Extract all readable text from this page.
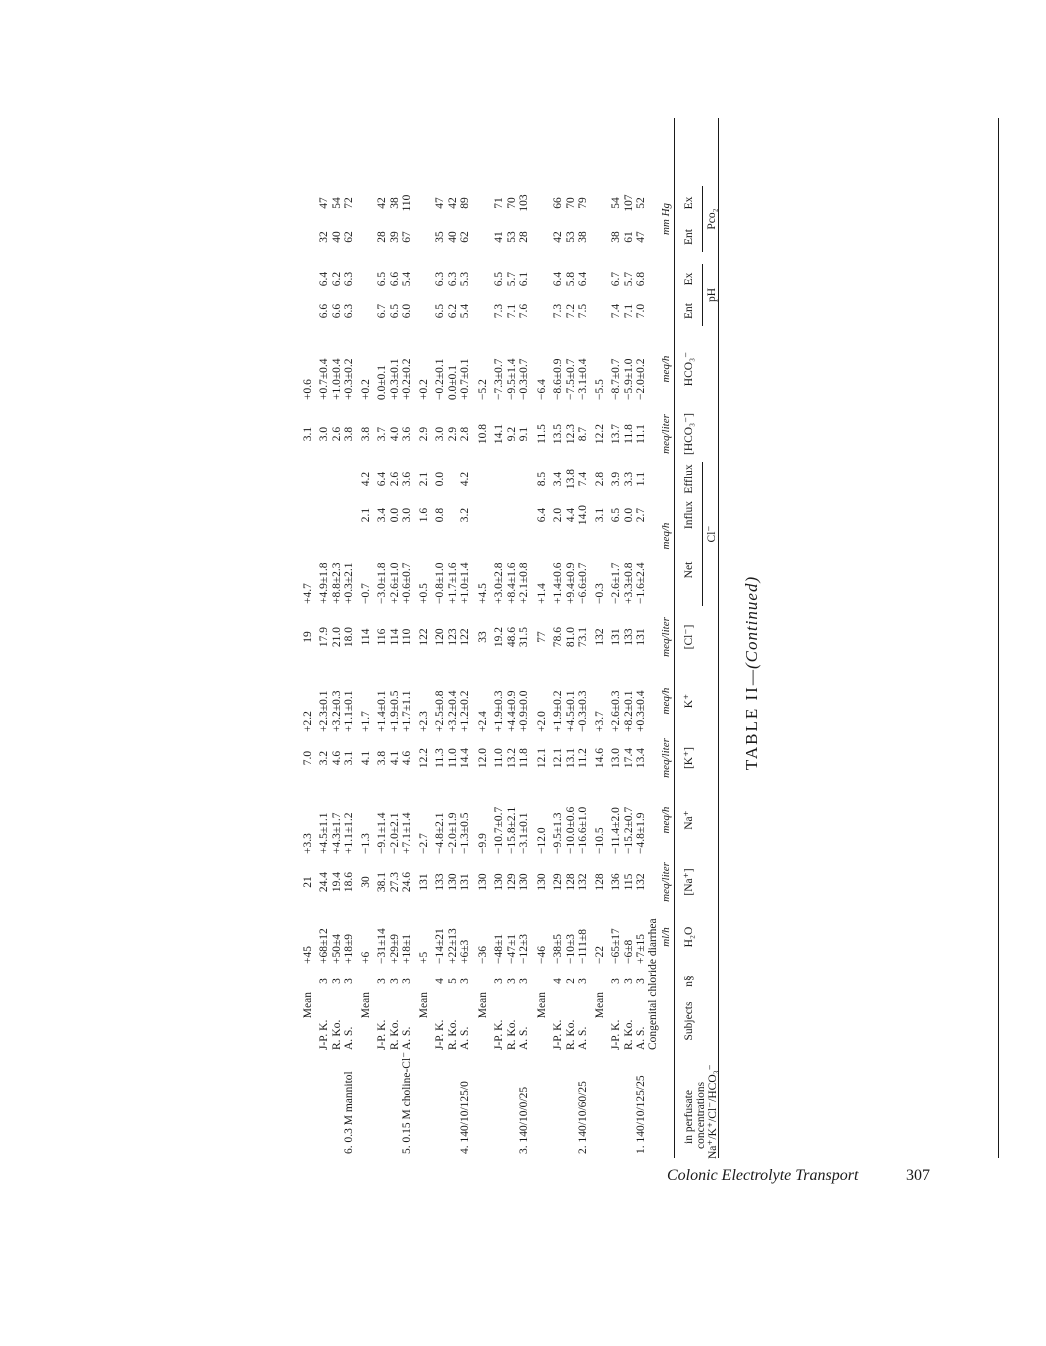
TABLE II—(Continued)
Na⁺/K⁺/Cl⁻/HCO₃⁻
concentrations
in perfusate
Subjects
n§
H₂O
[Na⁺]
Na⁺
[K⁺]
K⁺
[Cl⁻]
Cl⁻
Net
Influx
Efflux
[HCO₃⁻]
HCO₃⁻
pH
Ent
Ex
Pco₂
Ent
Ex
ml/h
meq/liter
meq/h
meq/liter
meq/h
meq/liter
meq/h
meq/liter
meq/h
mm Hg
Congenital chloride diarrhea
1. 140/10/125/25
A. S.
3
+7±15
132
−4.8±1.9
13.4
+0.3±0.4
131
−1.6±2.4
2.7
1.1
11.1
−2.0±0.2
7.0
6.8
47
52
R. Ko.
3
−6±8
115
−15.2±0.7
17.4
+8.2±0.1
133
+3.3±0.8
0.0
3.3
11.8
−5.9±1.0
7.1
5.7
61
107
J-P. K.
3
−65±17
136
−11.4±2.0
13.0
+2.6±0.3
131
−2.6±1.7
6.5
3.9
13.7
−8.7±0.7
7.4
6.7
38
54
Mean
−22
128
−10.5
14.6
+3.7
132
−0.3
3.1
2.8
12.2
−5.5
2. 140/10/60/25
A. S.
3
−111±8
132
−16.6±1.0
11.2
−0.3±0.3
73.1
−6.6±0.7
14.0
7.4
8.7
−3.1±0.4
7.5
6.4
38
79
R. Ko.
2
−10±3
128
−10.0±0.6
13.1
+4.5±0.1
81.0
+9.4±0.9
4.4
13.8
12.3
−7.5±0.7
7.2
5.8
53
70
J-P. K.
4
−38±5
129
−9.5±1.3
12.1
+1.9±0.2
78.6
+1.4±0.6
2.0
3.4
13.5
−8.6±0.9
7.3
6.4
42
66
Mean
−46
130
−12.0
12.1
+2.0
77
+1.4
6.4
8.5
11.5
−6.4
3. 140/10/0/25
A. S.
3
−12±3
130
−3.1±0.1
11.8
+0.9±0.0
31.5
+2.1±0.8
9.1
−0.3±0.7
7.6
6.1
28
103
R. Ko.
3
−47±1
129
−15.8±2.1
13.2
+4.4±0.9
48.6
+8.4±1.6
9.2
−9.5±1.4
7.1
5.7
53
70
J-P. K.
3
−48±1
130
−10.7±0.7
11.0
+1.9±0.3
19.2
+3.0±2.8
14.1
−7.3±0.7
7.3
6.5
41
71
Mean
−36
130
−9.9
12.0
+2.4
33
+4.5
10.8
−5.2
4. 140/10/125/0
A. S.
3
+6±3
131
−1.3±0.5
14.4
+1.2±0.2
122
+1.0±1.4
3.2
4.2
2.8
+0.7±0.1
5.4
5.3
62
89
R. Ko.
5
+22±13
130
−2.0±1.9
11.0
+3.2±0.4
123
+1.7±1.6
2.9
0.0±0.1
6.2
6.3
40
42
J-P. K.
4
−14±21
133
−4.8±2.1
11.3
+2.5±0.8
120
−0.8±1.0
0.8
0.0
3.0
−0.2±0.1
6.5
6.3
35
47
Mean
+5
131
−2.7
12.2
+2.3
122
+0.5
1.6
2.1
2.9
+0.2
5. 0.15 M choline-Cl⁻
A. S.
3
+18±1
24.6
+7.1±1.4
4.6
+1.7±1.1
110
+0.6±0.7
3.0
3.6
3.6
+0.2±0.2
6.0
5.4
67
110
R. Ko.
3
+29±9
27.3
−2.0±2.1
4.1
+1.9±0.5
114
+2.6±1.0
0.0
2.6
4.0
+0.3±0.1
6.5
6.6
39
38
J-P. K.
3
−31±14
38.1
−9.1±1.4
3.8
+1.4±0.1
116
−3.0±1.8
3.4
6.4
3.7
0.0±0.1
6.7
6.5
28
42
Mean
+6
30
−1.3
4.1
+1.7
114
−0.7
2.1
4.2
3.8
+0.2
6. 0.3 M mannitol
A. S.
3
+18±9
18.6
+1.1±1.2
3.1
+1.1±0.1
18.0
+0.3±2.1
3.8
+0.3±0.2
6.3
6.3
62
72
R. Ko.
3
+50±4
19.4
+4.3±1.7
4.6
+3.2±0.3
21.0
+8.8±2.3
2.6
+1.0±0.4
6.6
6.2
40
54
J-P. K.
3
+68±12
24.4
+4.5±1.1
3.2
+2.3±0.1
17.9
+4.9±1.8
3.0
+0.7±0.4
6.6
6.4
32
47
Mean
+45
21
+3.3
7.0
+2.2
19
+4.7
3.1
+0.6
Colonic Electrolyte Transport	307
